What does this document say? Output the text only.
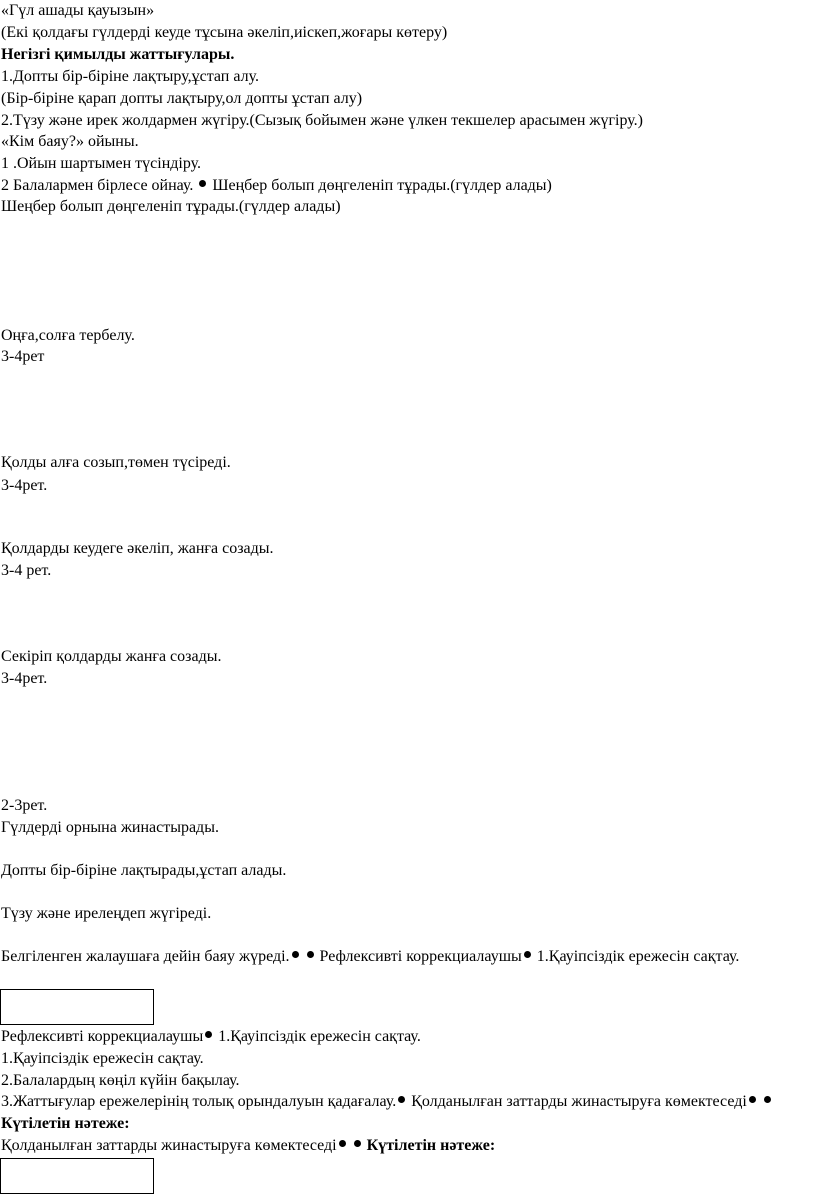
«Гүл ашады қауызын»
(Екі қолдағы гүлдерді кеуде тұсына әкеліп,иіскеп,жоғары көтеру)
Негізгі қимылды жаттығулары.
1.Допты бір-біріне лақтыру,ұстап алу.
(Бір-біріне қарап допты лақтыру,ол допты ұстап алу)
2.Түзу және ирек жолдармен жүгіру.(Сызық бойымен және үлкен текшелер арасымен жүгіру.)
«Кім баяу?» ойыны.
1 .Ойын шартымен түсіндіру.
2 Балалармен бірлесе ойнау. Шеңбер болып дөңгеленіп тұрады.(гүлдер алады)
Шеңбер болып дөңгеленіп тұрады.(гүлдер алады)
Оңға,солға тербелу.
3-4рет
Қолды алға созып,төмен түсіреді.
3-4рет.
Қолдарды кеудеге әкеліп, жанға созады.
3-4 рет.
Секіріп қолдарды жанға созады.
3-4рет.
2-3рет.
Гүлдерді орнына жинастырады.
Допты бір-біріне лақтырады,ұстап алады.
Түзу және ирелеңдеп жүгіреді.
Белгіленген жалаушаға дейін баяу жүреді. Рефлексивті коррекциалаушы 1.Қауіпсіздік ережесін сақтау.
Рефлексивті коррекциалаушы 1.Қауіпсіздік ережесін сақтау.
1.Қауіпсіздік ережесін сақтау.
2.Балалардың көңіл күйін бақылау.
3.Жаттығулар ережелерінің толық орындалуын қадағалау. Қолданылған заттарды жинастыруға көмектеседі  Күтілетін нәтеже:
Қолданылған заттарды жинастыруға көмектеседі Күтілетін нәтеже:
